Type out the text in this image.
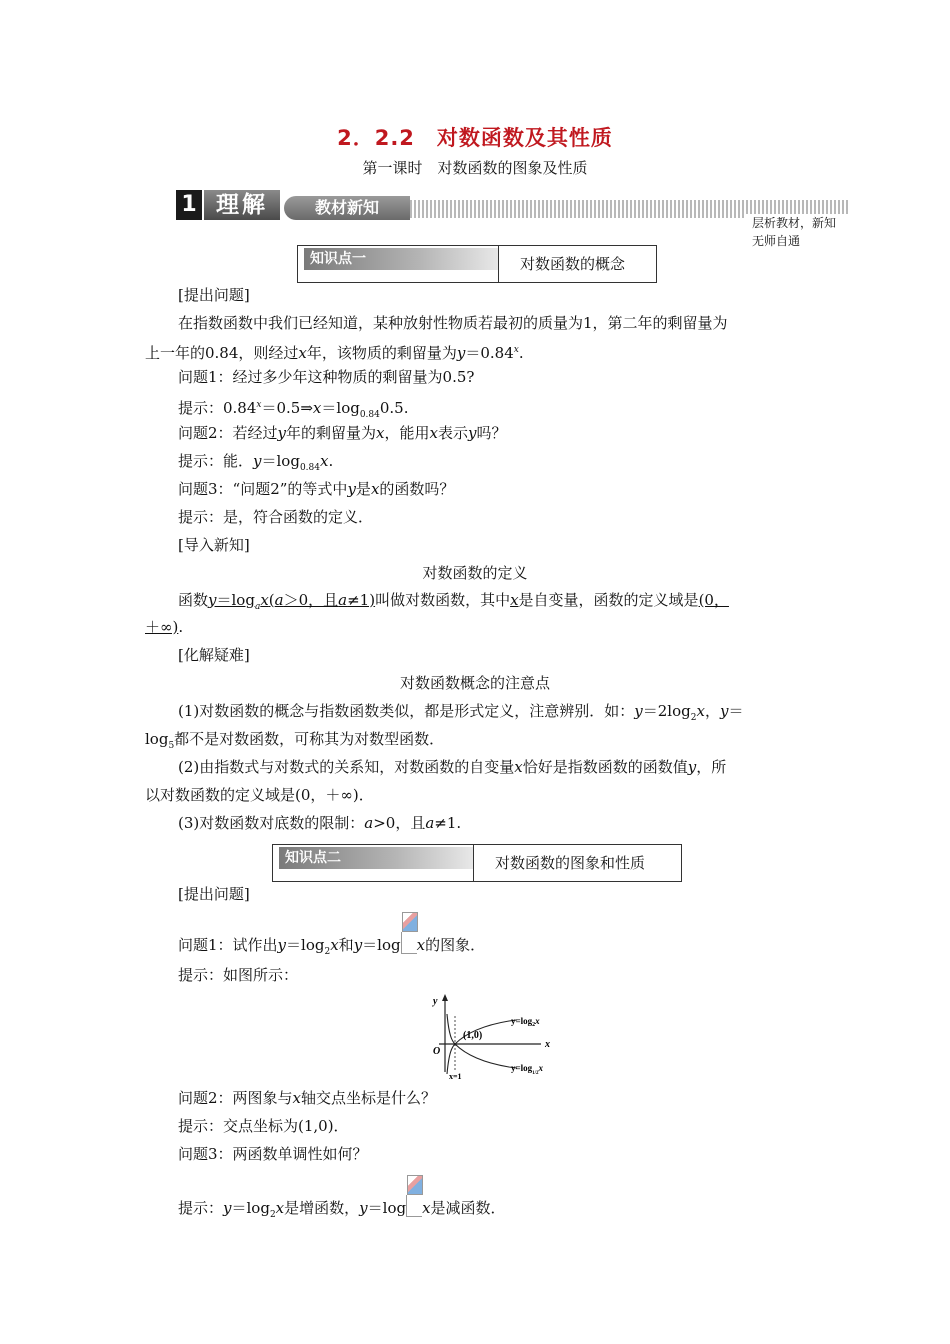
2．2.2　对数函数及其性质
第一课时　对数函数的图象及性质
1 理解	教材新知
层析教材，新知无师自通
知识点一	对数函数的概念
[提出问题]
在指数函数中我们已经知道，某种放射性物质若最初的质量为1，第二年的剩留量为
上一年的0.84，则经过x年，该物质的剩留量为$y=0.84^x$.
问题1：经过多少年这种物质的剩留量为0.5?
提示：$0.84^x=0.5\Rightarrow x=\log_{0.84}0.5$.
问题2：若经过y年的剩留量为x，能用x表示y吗？
提示：能．$y=\log_{0.84}x$.
问题3：“问题2”的等式中y是x的函数吗？
提示：是，符合函数的定义．
[导入新知]
对数函数的定义
函数$y=\log_ax(a>0$，且a≠1)叫做对数函数，其中x是自变量，函数的定义域是(0，
＋∞).
[化解疑难]
对数函数概念的注意点
(1)对数函数的概念与指数函数类似，都是形式定义，注意辨别．如：$y=2\log_2x$，y＝
$\log_5$都不是对数函数，可称其为对数型函数．
(2)由指数式与对数式的关系知，对数函数的自变量x恰好是指数函数的函数值y，所
以对数函数的定义域是(0，＋∞)．
(3)对数函数对底数的限制：a>0，且a≠1.
知识点二	对数函数的图象和性质
[提出问题]
问题1：试作出$y=\log_2x$和y＝log x的图象．
提示：如图所示：
y
x
O
(1,0)
$y=\log_2x$
$y=\log_{1/2}x$
x=1
问题2：两图象与x轴交点坐标是什么？
提示：交点坐标为(1,0)．
问题3：两函数单调性如何？
提示：$y=\log_2x$是增函数，y＝log x是减函数．
